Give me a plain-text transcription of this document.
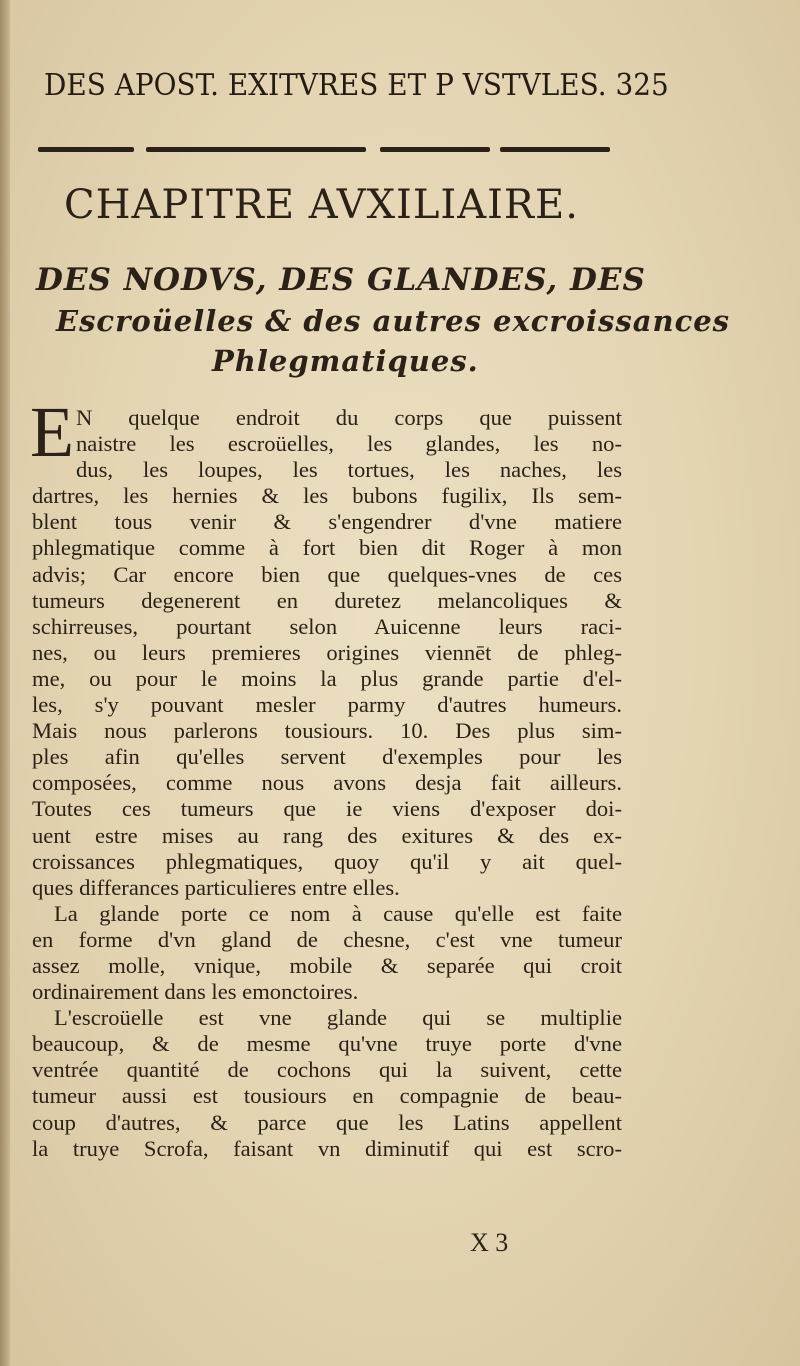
DES APOST. EXITVRES ET P VSTVLES. 325
CHAPITRE AVXILIAIRE.
DES NODVS, DES GLANDES, DES
Escroüelles & des autres excroissances
Phlegmatiques.
E N quelque endroit du corps que puissent
naistre les escroüelles, les glandes, les no-
dus, les loupes, les tortues, les naches, les
dartres, les hernies & les bubons fugilix, Ils sem-
blent tous venir & s'engendrer d'vne matiere
phlegmatique comme à fort bien dit Roger à mon
advis; Car encore bien que quelques-vnes de ces
tumeurs degenerent en duretez melancoliques &
schirreuses, pourtant selon Auicenne leurs raci-
nes, ou leurs premieres origines viennēt de phleg-
me, ou pour le moins la plus grande partie d'el-
les, s'y pouvant mesler parmy d'autres humeurs.
Mais nous parlerons tousiours. 10. Des plus sim-
ples afin qu'elles servent d'exemples pour les
composées, comme nous avons desja fait ailleurs.
Toutes ces tumeurs que ie viens d'exposer doi-
uent estre mises au rang des exitures & des ex-
croissances phlegmatiques, quoy qu'il y ait quel-
ques differances particulieres entre elles.
La glande porte ce nom à cause qu'elle est faite
en forme d'vn gland de chesne, c'est vne tumeur
assez molle, vnique, mobile & separée qui croit
ordinairement dans les emonctoires.
L'escroüelle est vne glande qui se multiplie
beaucoup, & de mesme qu'vne truye porte d'vne
ventrée quantité de cochons qui la suivent, cette
tumeur aussi est tousiours en compagnie de beau-
coup d'autres, & parce que les Latins appellent
la truye Scrofa, faisant vn diminutif qui est scro-
X 3
